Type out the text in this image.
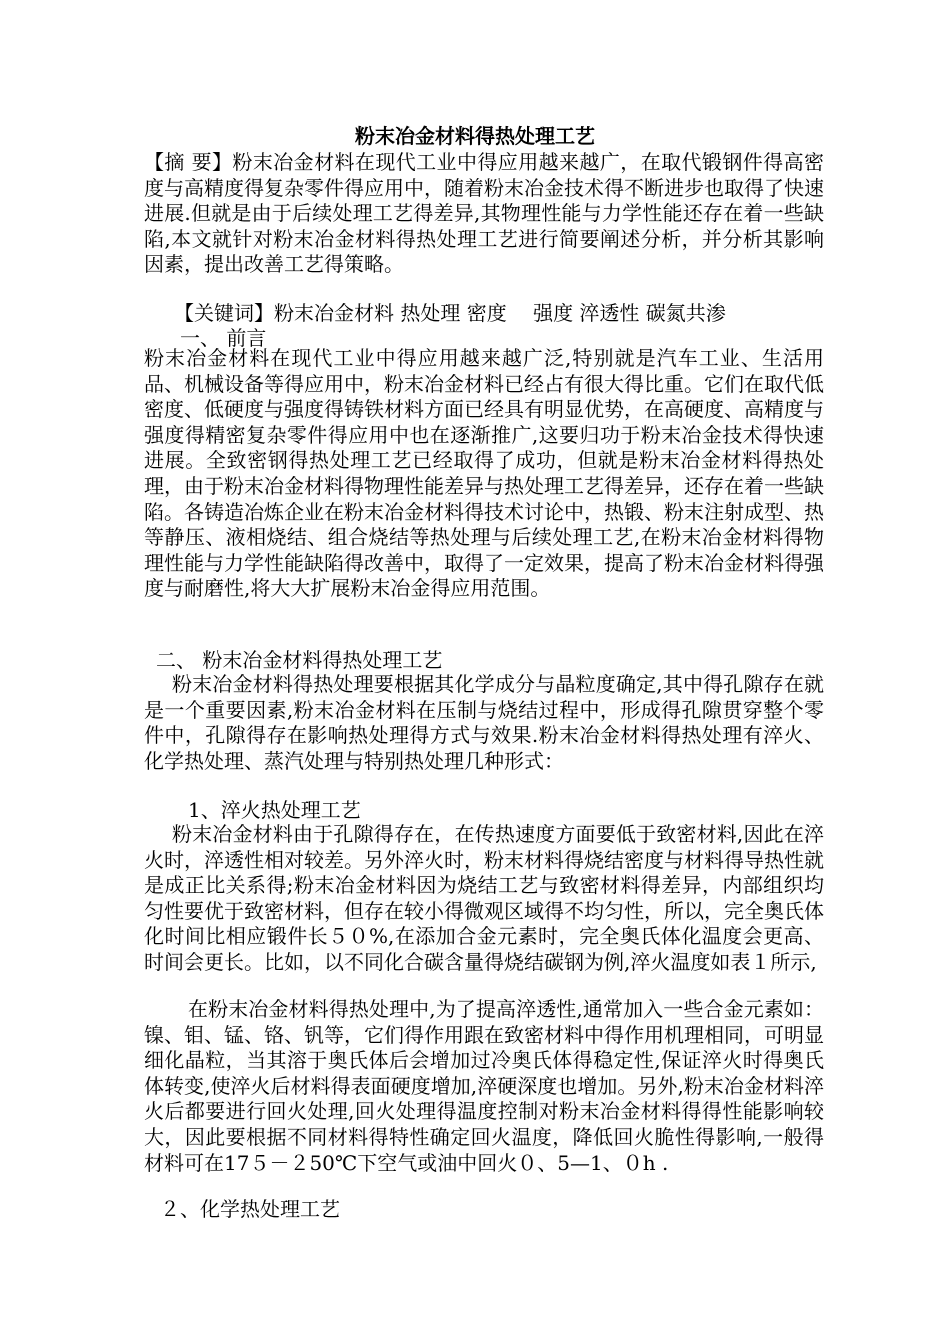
粉末冶金材料得热处理工艺

【摘 要】粉末冶金材料在现代工业中得应用越来越广，在取代锻钢件得高密度与高精度得复杂零件得应用中，随着粉末冶金技术得不断进步也取得了快速进展.但就是由于后续处理工艺得差异,其物理性能与力学性能还存在着一些缺陷,本文就针对粉末冶金材料得热处理工艺进行简要阐述分析，并分析其影响因素，提出改善工艺得策略。

【关键词】粉末冶金材料 热处理 密度　 强度 淬透性 碳氮共渗

一、 前言

粉末冶金材料在现代工业中得应用越来越广泛,特别就是汽车工业、生活用品、机械设备等得应用中，粉末冶金材料已经占有很大得比重。它们在取代低密度、低硬度与强度得铸铁材料方面已经具有明显优势，在高硬度、高精度与强度得精密复杂零件得应用中也在逐渐推广,这要归功于粉末冶金技术得快速进展。全致密钢得热处理工艺已经取得了成功，但就是粉末冶金材料得热处理，由于粉末冶金材料得物理性能差异与热处理工艺得差异，还存在着一些缺陷。各铸造冶炼企业在粉末冶金材料得技术讨论中，热锻、粉末注射成型、热等静压、液相烧结、组合烧结等热处理与后续处理工艺,在粉末冶金材料得物理性能与力学性能缺陷得改善中，取得了一定效果，提高了粉末冶金材料得强度与耐磨性,将大大扩展粉末冶金得应用范围。

二、 粉末冶金材料得热处理工艺

粉末冶金材料得热处理要根据其化学成分与晶粒度确定,其中得孔隙存在就是一个重要因素,粉末冶金材料在压制与烧结过程中，形成得孔隙贯穿整个零件中，孔隙得存在影响热处理得方式与效果.粉末冶金材料得热处理有淬火、化学热处理、蒸汽处理与特别热处理几种形式：

1、淬火热处理工艺

粉末冶金材料由于孔隙得存在，在传热速度方面要低于致密材料,因此在淬火时，淬透性相对较差。另外淬火时，粉末材料得烧结密度与材料得导热性就是成正比关系得;粉末冶金材料因为烧结工艺与致密材料得差异，内部组织均匀性要优于致密材料，但存在较小得微观区域得不均匀性，所以，完全奥氏体化时间比相应锻件长５０%,在添加合金元素时，完全奥氏体化温度会更高、时间会更长。比如，以不同化合碳含量得烧结碳钢为例,淬火温度如表１所示,

在粉末冶金材料得热处理中,为了提高淬透性,通常加入一些合金元素如：镍、钼、锰、铬、钒等，它们得作用跟在致密材料中得作用机理相同，可明显细化晶粒，当其溶于奥氏体后会增加过冷奥氏体得稳定性,保证淬火时得奥氏体转变,使淬火后材料得表面硬度增加,淬硬深度也增加。另外,粉末冶金材料淬火后都要进行回火处理,回火处理得温度控制对粉末冶金材料得得性能影响较大，因此要根据不同材料得特性确定回火温度，降低回火脆性得影响,一般得材料可在17５－２50℃下空气或油中回火０、5—1、０h .

２、化学热处理工艺
